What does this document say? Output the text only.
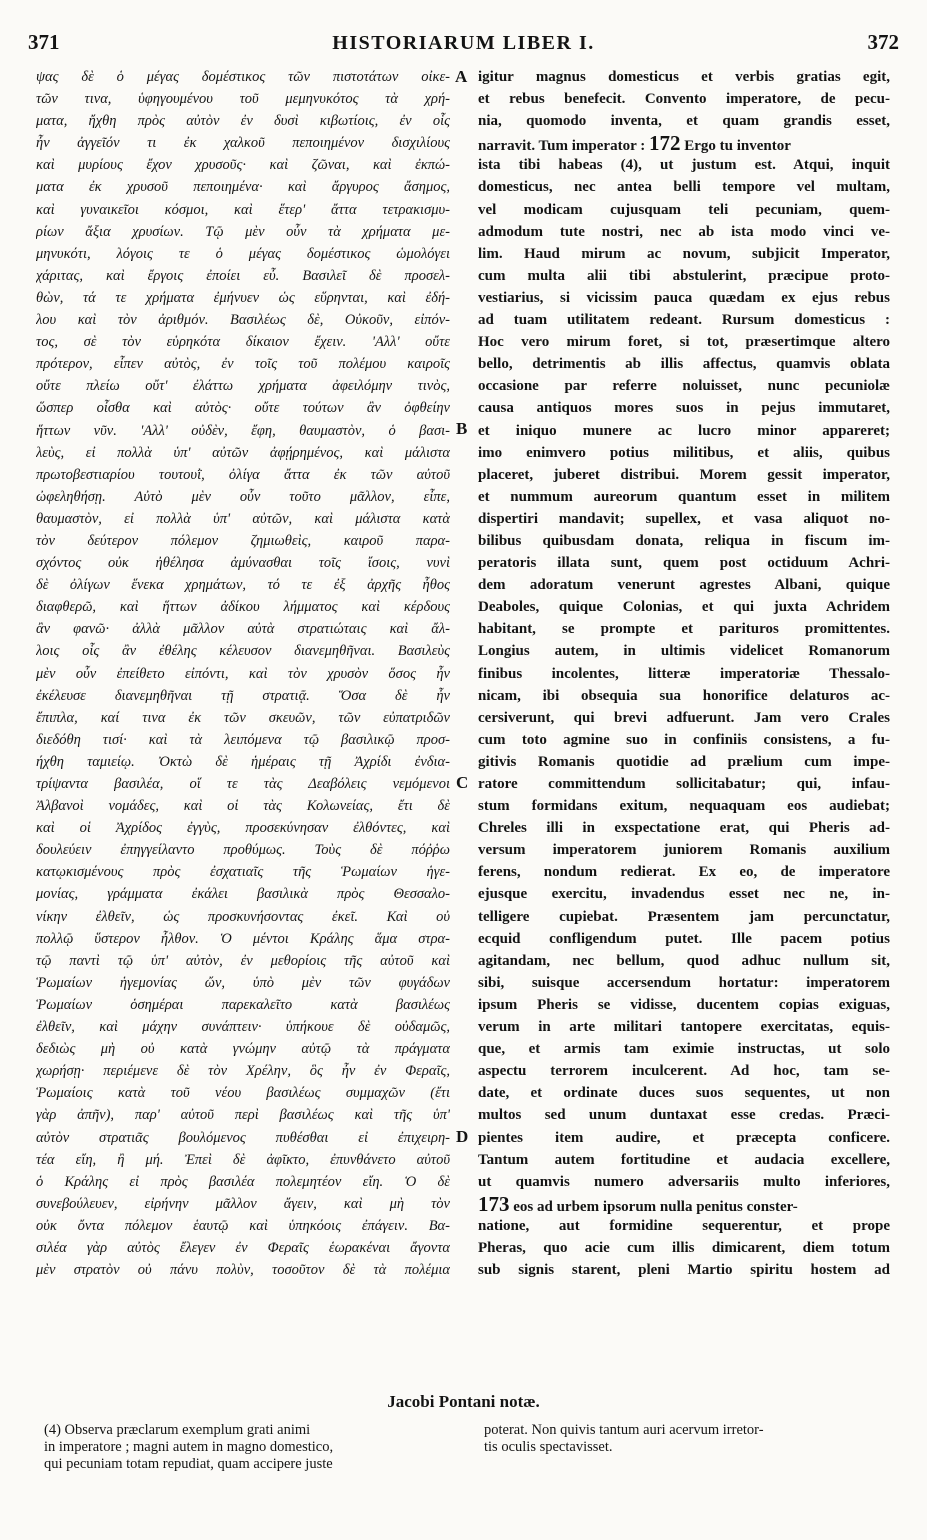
371	HISTORIARUM LIBER I.	372
ψας δὲ ὁ μέγας δομέστικος τῶν πιστοτάτων οἰκε-
τῶν τινα, ὑφηγουμένου τοῦ μεμηνυκότος τὰ χρή-
ματα, ἤχθη πρὸς αὐτὸν ἐν δυσὶ κιβωτίοις, ἐν οἷς
ἦν ἀγγεῖόν τι ἐκ χαλκοῦ πεποιημένον δισχιλίους
καὶ μυρίους ἔχον χρυσοῦς· καὶ ζῶναι, καὶ ἐκπώ-
ματα ἐκ χρυσοῦ πεποιημένα· καὶ ἄργυρος ἄσημος,
καὶ γυναικεῖοι κόσμοι, καὶ ἕτερ' ἄττα τετρακισμυ-
ρίων ἄξια χρυσίων. Τῷ μὲν οὖν τὰ χρήματα με-
μηνυκότι, λόγοις τε ὁ μέγας δομέστικος ὡμολόγει
χάριτας, καὶ ἔργοις ἐποίει εὖ. Βασιλεῖ δὲ προσελ-
θὼν, τά τε χρήματα ἐμήνυεν ὡς εὕρηνται, καὶ ἐδή-
λου καὶ τὸν ἀριθμόν. Βασιλέως δὲ, Οὐκοῦν, εἰπόν-
τος, σὲ τὸν εὑρηκότα δίκαιον ἔχειν. 'Αλλ' οὔτε
πρότερον, εἶπεν αὐτὸς, ἐν τοῖς τοῦ πολέμου καιροῖς
οὔτε πλείω οὔτ' ἐλάττω χρήματα ἀφειλόμην τινὸς,
ὥσπερ οἶσθα καὶ αὐτὸς· οὔτε τούτων ἂν ὀφθείην
ἥττων νῦν. 'Αλλ' οὐδὲν, ἔφη, θαυμαστὸν, ὁ βασι-
λεὺς, εἰ πολλὰ ὑπ' αὐτῶν ἀφῄρημένος, καὶ μάλιστα
πρωτοβεστιαρίου τουτουῒ, ὀλίγα ἄττα ἐκ τῶν αὐτοῦ
ὠφεληθήσῃ. Αὐτὸ μὲν οὖν τοῦτο μᾶλλον, εἶπε,
θαυμαστὸν, εἰ πολλὰ ὑπ' αὐτῶν, καὶ μάλιστα κατὰ
τὸν δεύτερον πόλεμον ζημιωθεὶς, καιροῦ παρα-
σχόντος οὐκ ἠθέλησα ἀμύνασθαι τοῖς ἴσοις, νυνὶ
δὲ ὀλίγων ἕνεκα χρημάτων, τό τε ἐξ ἀρχῆς ἦθος
διαφθερῶ, καὶ ἥττων ἀδίκου λήμματος καὶ κέρδους
ἂν φανῶ· ἀλλὰ μᾶλλον αὐτὰ στρατιώταις καὶ ἄλ-
λοις οἷς ἂν ἐθέλης κέλευσον διανεμηθῆναι. Βασιλεὺς
μὲν οὖν ἐπείθετο εἰπόντι, καὶ τὸν χρυσὸν ὅσος ἦν
ἐκέλευσε διανεμηθῆναι τῇ στρατιᾷ. Ὅσα δὲ ἦν
ἔπιπλα, καί τινα ἐκ τῶν σκευῶν, τῶν εὐπατριδῶν
διεδόθη τισί· καὶ τὰ λειπόμενα τῷ βασιλικῷ προσ-
ήχθη ταμιείῳ. Ὀκτὼ δὲ ἡμέραις τῇ Ἀχρίδι ἐνδια-
τρίψαντα βασιλέα, οἵ τε τὰς Δεαβόλεις νεμόμενοι
Ἀλβανοὶ νομάδες, καὶ οἱ τὰς Κολωνείας, ἔτι δὲ
καὶ οἱ Ἀχρίδος ἐγγὺς, προσεκύνησαν ἐλθόντες, καὶ
δουλεύειν ἐπηγγείλαντο προθύμως. Τοὺς δὲ πόῤῥω
κατῳκισμένους πρὸς ἐσχατιαῖς τῆς Ῥωμαίων ἡγε-
μονίας, γράμματα ἐκάλει βασιλικὰ πρὸς Θεσσαλο-
νίκην ἐλθεῖν, ὡς προσκυνήσοντας ἐκεῖ. Καὶ οὐ
πολλῷ ὕστερον ἦλθον. Ὁ μέντοι Κράλης ἅμα στρα-
τῷ παντὶ τῷ ὑπ' αὐτὸν, ἐν μεθορίοις τῆς αὐτοῦ καὶ
Ῥωμαίων ἡγεμονίας ὤν, ὑπὸ μὲν τῶν φυγάδων
Ῥωμαίων ὁσημέραι παρεκαλεῖτο κατὰ βασιλέως
ἐλθεῖν, καὶ μάχην συνάπτειν· ὑπήκουε δὲ οὐδαμῶς,
δεδιὼς μὴ οὐ κατὰ γνώμην αὐτῷ τὰ πράγματα
χωρήσῃ· περιέμενε δὲ τὸν Χρέλην, ὃς ἦν ἐν Φεραῖς,
Ῥωμαίοις κατὰ τοῦ νέου βασιλέως συμμαχῶν (ἔτι
γὰρ ἀπῆν), παρ' αὐτοῦ περὶ βασιλέως καὶ τῆς ὑπ'
αὐτὸν στρατιᾶς βουλόμενος πυθέσθαι εἰ ἐπιχειρη-
τέα εἴη, ἢ μή. Ἐπεὶ δὲ ἀφῖκτο, ἐπυνθάνετο αὐτοῦ
ὁ Κράλης εἰ πρὸς βασιλέα πολεμητέον εἴη. Ὁ δὲ
συνεβούλευεν, εἰρήνην μᾶλλον ἄγειν, καὶ μὴ τὸν
οὐκ ὄντα πόλεμον ἑαυτῷ καὶ ὑπηκόοις ἐπάγειν. Βα-
σιλέα γὰρ αὐτὸς ἔλεγεν ἐν Φεραῖς ἑωρακέναι ἄγοντα
μὲν στρατὸν οὐ πάνυ πολὺν, τοσοῦτον δὲ τὰ πολέμια
igitur magnus domesticus et verbis gratias egit,
et rebus benefecit. Convento imperatore, de pecu-
nia, quomodo inventa, et quam grandis esset,
narravit. Tum imperator : 172 Ergo tu inventor
ista tibi habeas (4), ut justum est. Atqui, inquit
domesticus, nec antea belli tempore vel multam,
vel modicam cujusquam teli pecuniam, quem-
admodum tute nostri, nec ab ista modo vinci ve-
lim. Haud mirum ac novum, subjicit Imperator,
cum multa alii tibi abstulerint, præcipue proto-
vestiarius, si vicissim pauca quædam ex ejus rebus
ad tuam utilitatem redeant. Rursum domesticus :
Hoc vero mirum foret, si tot, præsertimque altero
bello, detrimentis ab illis affectus, quamvis oblata
occasione par referre noluisset, nunc pecuniolæ
causa antiquos mores suos in pejus immutaret,
et iniquo munere ac lucro minor appareret;
imo enimvero potius militibus, et aliis, quibus
placeret, juberet distribui. Morem gessit imperator,
et nummum aureorum quantum esset in militem
dispertiri mandavit; supellex, et vasa aliquot no-
bilibus quibusdam donata, reliqua in fiscum im-
peratoris illata sunt, quem post octiduum Achri-
dem adoratum venerunt agrestes Albani, quique
Deaboles, quique Colonias, et qui juxta Achridem
habitant, se prompte et parituros promittentes.
Longius autem, in ultimis videlicet Romanorum
finibus incolentes, litteræ imperatoriæ Thessalo-
nicam, ibi obsequia sua honorifice delaturos ac-
cersiverunt, qui brevi adfuerunt. Jam vero Crales
cum toto agmine suo in confiniis consistens, a fu-
gitivis Romanis quotidie ad prælium cum impe-
ratore committendum sollicitabatur; qui, infau-
stum formidans exitum, nequaquam eos audiebat;
Chreles illi in exspectatione erat, qui Pheris ad-
versum imperatorem juniorem Romanis auxilium
ferens, nondum redierat. Ex eo, de imperatore
ejusque exercitu, invadendus esset nec ne, in-
telligere cupiebat. Præsentem jam percunctatur,
ecquid confligendum putet. Ille pacem potius
agitandam, nec bellum, quod adhuc nullum sit,
sibi, suisque accersendum hortatur: imperatorem
ipsum Pheris se vidisse, ducentem copias exiguas,
verum in arte militari tantopere exercitatas, equis-
que, et armis tam eximie instructas, ut solo
aspectu terrorem inculcerent. Ad hoc, tam se-
date, et ordinate duces suos sequentes, ut non
multos sed unum duntaxat esse credas. Præci-
pientes item audire, et præcepta conficere.
Tantum autem fortitudine et audacia excellere,
ut quamvis numero adversariis multo inferiores,
173 eos ad urbem ipsorum nulla penitus conster-
natione, aut formidine sequerentur, et prope
Pheras, quo acie cum illis dimicarent, diem totum
sub signis starent, pleni Martio spiritu hostem ad
A
B
C
D
Jacobi Pontani notæ.
(4) Observa præclarum exemplum grati animi
in imperatore ; magni autem in magno domestico,
qui pecuniam totam repudiat, quam accipere juste
poterat. Non quivis tantum auri acervum irretor-
tis oculis spectavisset.
